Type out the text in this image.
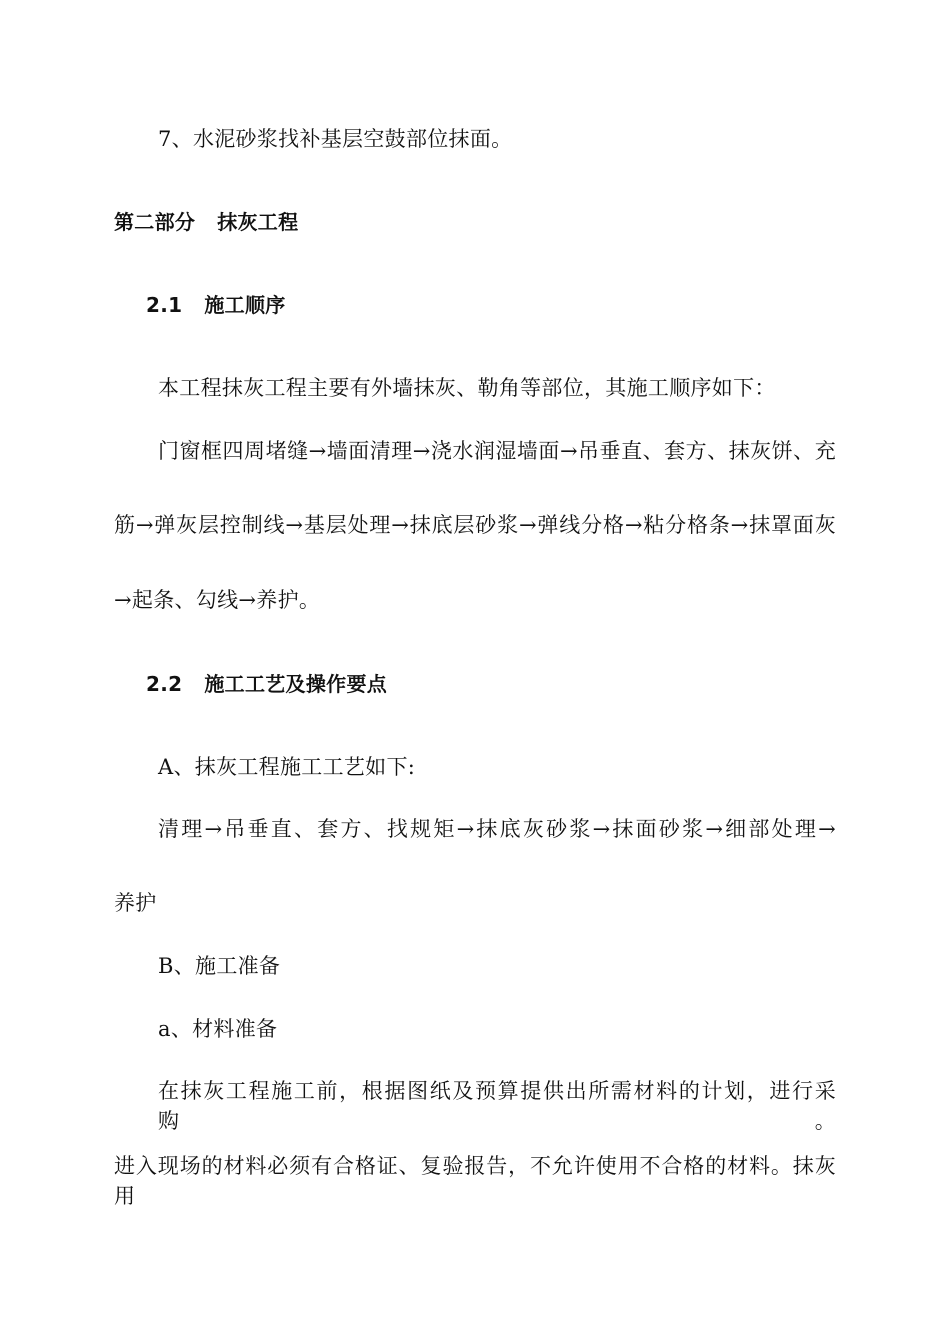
7、水泥砂浆找补基层空鼓部位抹面。
第二部分 抹灰工程
2.1 施工顺序
本工程抹灰工程主要有外墙抹灰、勒角等部位，其施工顺序如下：
门窗框四周堵缝→墙面清理→浇水润湿墙面→吊垂直、套方、抹灰饼、充
筋→弹灰层控制线→基层处理→抹底层砂浆→弹线分格→粘分格条→抹罩面灰
→起条、勾线→养护。
2.2 施工工艺及操作要点
A、抹灰工程施工工艺如下:
清理→吊垂直、套方、找规矩→抹底灰砂浆→抹面砂浆→细部处理→
养护
B、施工准备
a、材料准备
在抹灰工程施工前，根据图纸及预算提供出所需材料的计划，进行采购。
进入现场的材料必须有合格证、复验报告，不允许使用不合格的材料。抹灰用
